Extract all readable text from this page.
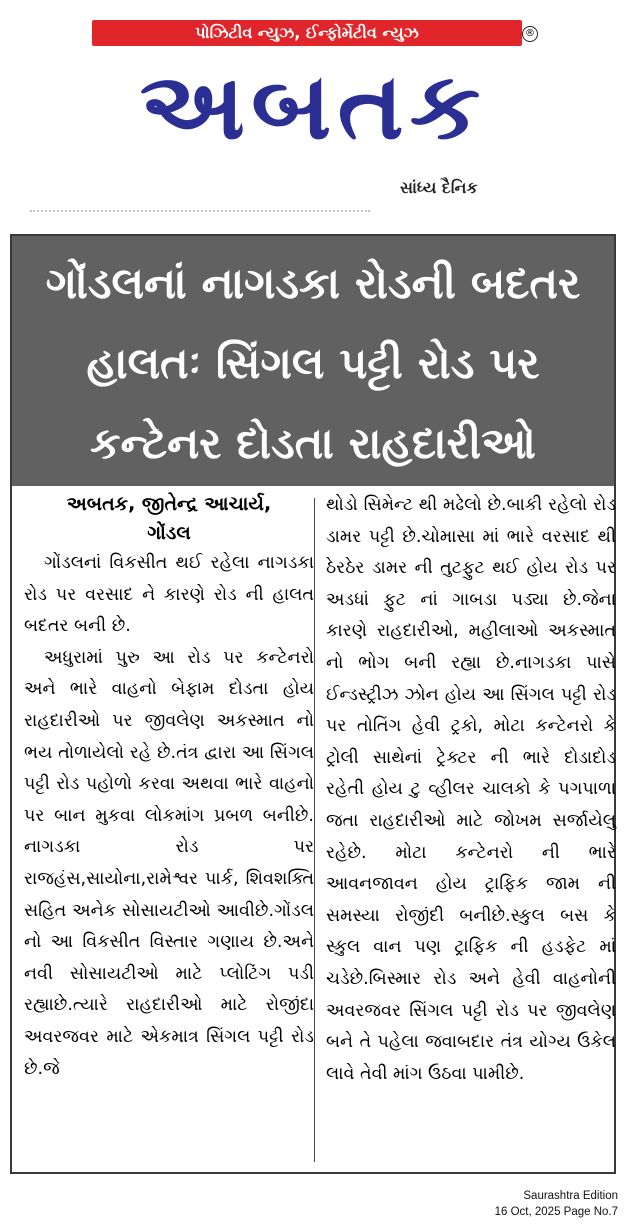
પોઝિટીવ ન્યુઝ, ઈન્ફોર્મેટીવ ન્યુઝ	®
અબતક
સાંધ્ય દૈનિક
ગોંડલનાં નાગડકા રોડની બદતર હાલતઃ સિંગલ પટ્ટી રોડ પર કન્ટેનર દોડતા રાહદારીઓ પરેશાન
અબતક, જીતેન્દ્ર આચાર્ય,
ગોંડલ

ગોંડલનાં વિકસીત થઈ રહેલા નાગડકા રોડ પર વરસાદ ને કારણે રોડ ની હાલત બદતર બની છે.

અધુરામાં પુરુ આ રોડ પર કન્ટેનરો અને ભારે વાહનો બેફામ દોડતા હોય રાહદારીઓ પર જીવલેણ અકસ્માત નો ભય તોળાયેલો રહે છે.તંત્ર દ્વારા આ સિંગલ પટ્ટી રોડ પહોળો કરવા અથવા ભારે વાહનો પર બાન મુકવા લોકમાંગ પ્રબળ બનીછે. નાગડકા રોડ પર રાજહંસ,સાયોના,રામેશ્વર પાર્ક, શિવશક્તિ સહિત અનેક સોસાયટીઓ આવીછે.ગોંડલ નો આ વિકસીત વિસ્તાર ગણાય છે.અને નવી સોસાયટીઓ માટે પ્લોટિંગ પડી રહ્યાછે.ત્યારે રાહદારીઓ માટે રોજીંદા અવરજવર માટે એકમાત્ર સિંગલ પટ્ટી રોડ છે.જે

થોડો સિમેન્ટ થી મઢેલો છે.બાકી રહેલો રોડ ડામર પટ્ટી છે.ચોમાસા માં ભારે વરસાદ થી ઠેરઠેર ડામર ની તુટફુટ થઈ હોય રોડ પર અડધાં ફુટ નાં ગાબડા પડ્યા છે.જેના કારણે રાહદારીઓ, મહીલાઓ અકસ્માત નો ભોગ બની રહ્યા છે.નાગડકા પાસે ઈન્ડસ્ટ્રીઝ ઝોન હોય આ સિંગલ પટ્ટી રોડ પર તોતિંગ હેવી ટ્રકો, મોટા કન્ટેનરો કે ટ્રોલી સાથેનાં ટ્રેક્ટર ની ભારે દોડાદોડ રહેતી હોય ટુ વ્હીલર ચાલકો કે પગપાળા જતા રાહદારીઓ માટે જોખમ સર્જાયેલુ રહેછે. મોટા કન્ટેનરો ની ભારે આવનજાવન હોય ટ્રાફિક જામ ની સમસ્યા રોજીંદી બનીછે.સ્કુલ બસ કે સ્કુલ વાન પણ ટ્રાફિક ની હડફેટ માં ચડેછે.બિસ્માર રોડ અને હેવી વાહનોની અવરજવર સિંગલ પટ્ટી રોડ પર જીવલેણ બને તે પહેલા જવાબદાર તંત્ર યોગ્ય ઉકેલ લાવે તેવી માંગ ઉઠવા પામીછે.

Saurashtra Edition
16 Oct, 2025 Page No.7
